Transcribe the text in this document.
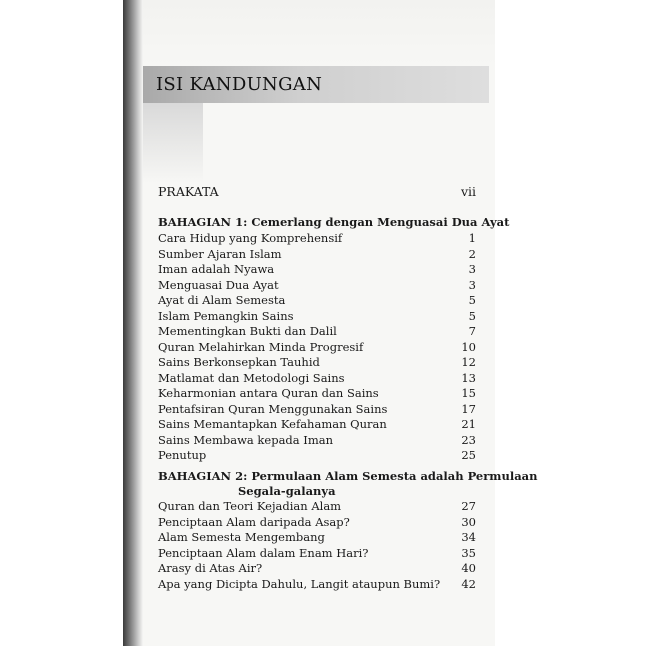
ISI KANDUNGAN
PRAKATA	vii
BAHAGIAN 1: Cemerlang dengan Menguasai Dua Ayat
Cara Hidup yang Komprehensif	1
Sumber Ajaran Islam	2
Iman adalah Nyawa	3
Menguasai Dua Ayat	3
Ayat di Alam Semesta	5
Islam Pemangkin Sains	5
Mementingkan Bukti dan Dalil	7
Quran Melahirkan Minda Progresif	10
Sains Berkonsepkan Tauhid	12
Matlamat dan Metodologi Sains	13
Keharmonian antara Quran dan Sains	15
Pentafsiran Quran Menggunakan Sains	17
Sains Memantapkan Kefahaman Quran	21
Sains Membawa kepada Iman	23
Penutup	25
BAHAGIAN 2: Permulaan Alam Semesta adalah Permulaan
Segala-galanya
Quran dan Teori Kejadian Alam	27
Penciptaan Alam daripada Asap?	30
Alam Semesta Mengembang	34
Penciptaan Alam dalam Enam Hari?	35
Arasy di Atas Air?	40
Apa yang Dicipta Dahulu, Langit ataupun Bumi? 42
